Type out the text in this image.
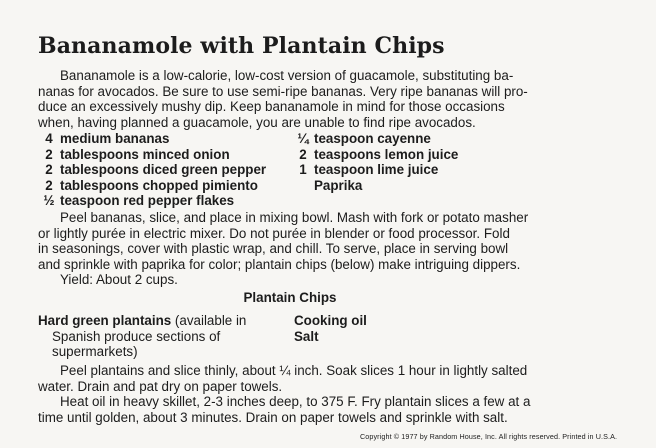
Bananamole with Plantain Chips
Bananamole is a low-calorie, low-cost version of guacamole, substituting ba-
nanas for avocados. Be sure to use semi-ripe bananas. Very ripe bananas will pro-
duce an excessively mushy dip. Keep bananamole in mind for those occasions
when, having planned a guacamole, you are unable to find ripe avocados.
4 medium bananas
2 tablespoons minced onion
2 tablespoons diced green pepper
2 tablespoons chopped pimiento
½ teaspoon red pepper flakes
¼ teaspoon cayenne
2 teaspoons lemon juice
1 teaspoon lime juice
Paprika
Peel bananas, slice, and place in mixing bowl. Mash with fork or potato masher
or lightly purée in electric mixer. Do not purée in blender or food processor. Fold
in seasonings, cover with plastic wrap, and chill. To serve, place in serving bowl
and sprinkle with paprika for color; plantain chips (below) make intriguing dippers.
Yield: About 2 cups.
Plantain Chips
Hard green plantains (available in
Spanish produce sections of
supermarkets)
Cooking oil
Salt
Peel plantains and slice thinly, about ¼ inch. Soak slices 1 hour in lightly salted
water. Drain and pat dry on paper towels.
Heat oil in heavy skillet, 2-3 inches deep, to 375 F. Fry plantain slices a few at a
time until golden, about 3 minutes. Drain on paper towels and sprinkle with salt.
Copyright © 1977 by Random House, Inc. All rights reserved. Printed in U.S.A.
